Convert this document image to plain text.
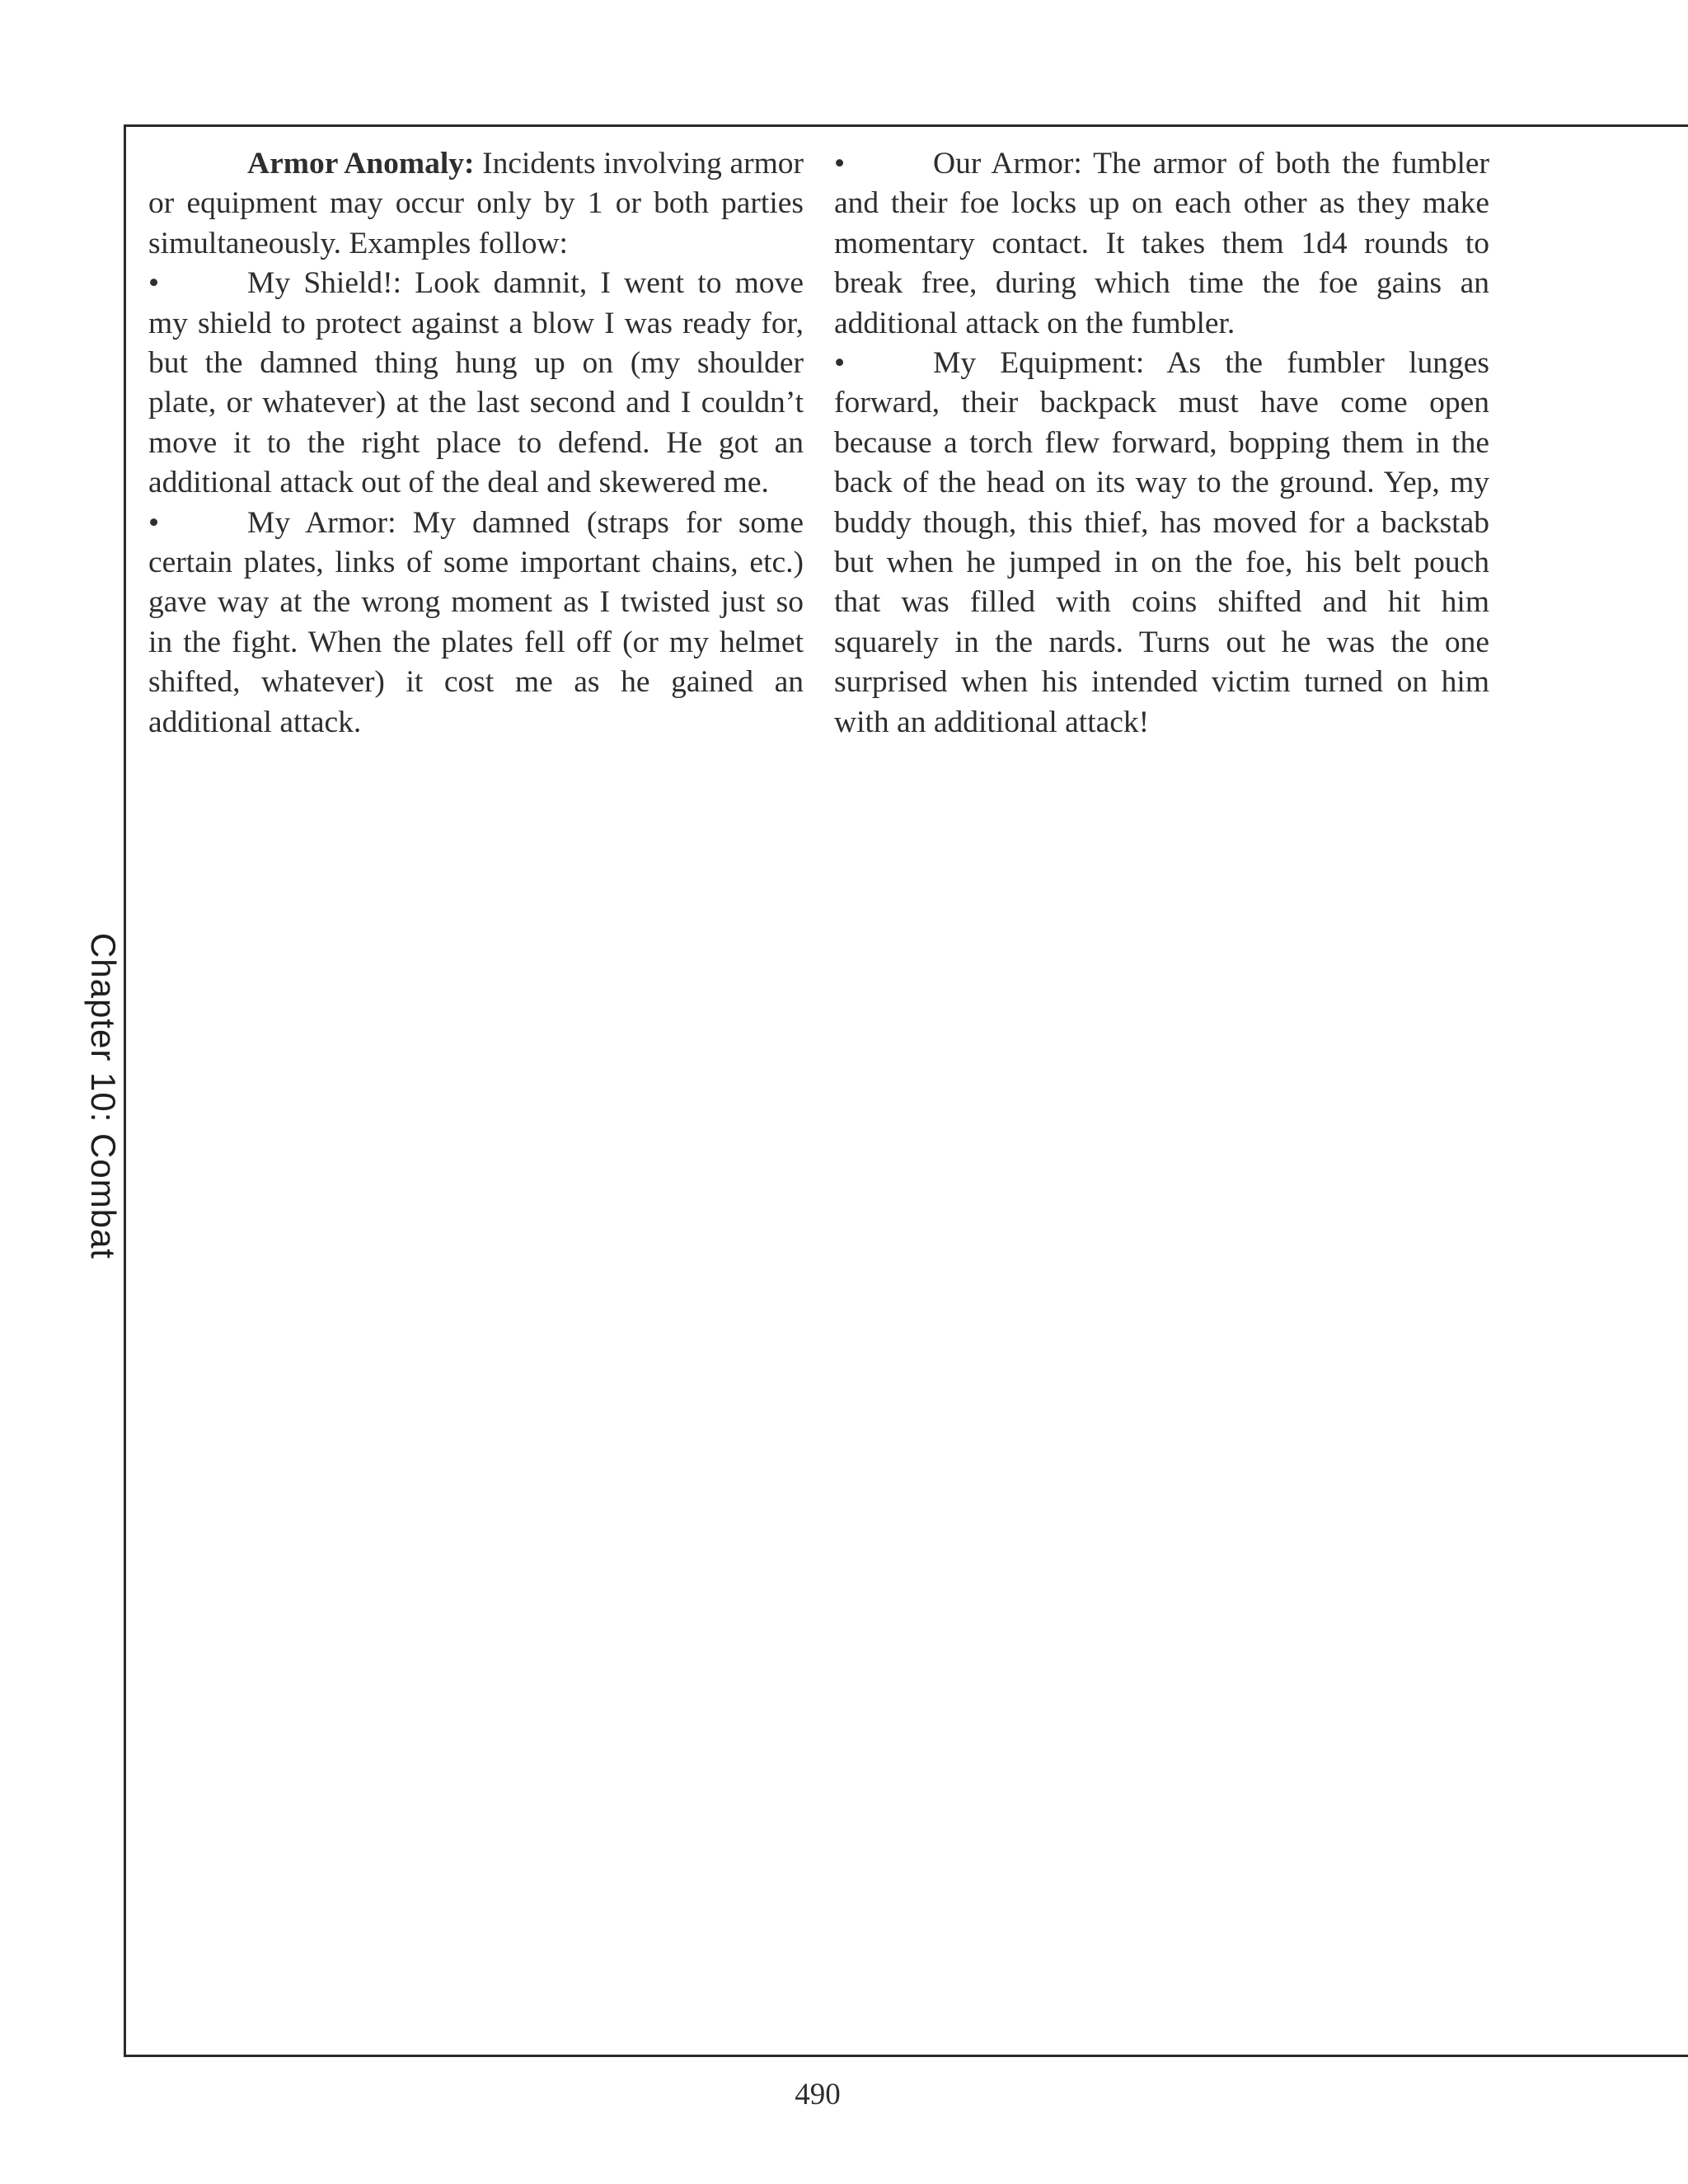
Chapter 10: Combat

Armor Anomaly: Incidents involving armor or equipment may occur only by 1 or both parties simultaneously. Examples follow:

•	My Shield!: Look damnit, I went to move my shield to protect against a blow I was ready for, but the damned thing hung up on (my shoulder plate, or whatever) at the last second and I couldn’t move it to the right place to defend. He got an additional attack out of the deal and skewered me.

•	My Armor: My damned (straps for some certain plates, links of some important chains, etc.) gave way at the wrong moment as I twisted just so in the fight. When the plates fell off (or my helmet shifted, whatever) it cost me as he gained an additional attack.

•	Our Armor: The armor of both the fumbler and their foe locks up on each other as they make momentary contact. It takes them 1d4 rounds to break free, during which time the foe gains an additional attack on the fumbler.

•	My Equipment: As the fumbler lunges forward, their backpack must have come open because a torch flew forward, bopping them in the back of the head on its way to the ground. Yep, my buddy though, this thief, has moved for a backstab but when he jumped in on the foe, his belt pouch that was filled with coins shifted and hit him squarely in the nards. Turns out he was the one surprised when his intended victim turned on him with an additional attack!

490
